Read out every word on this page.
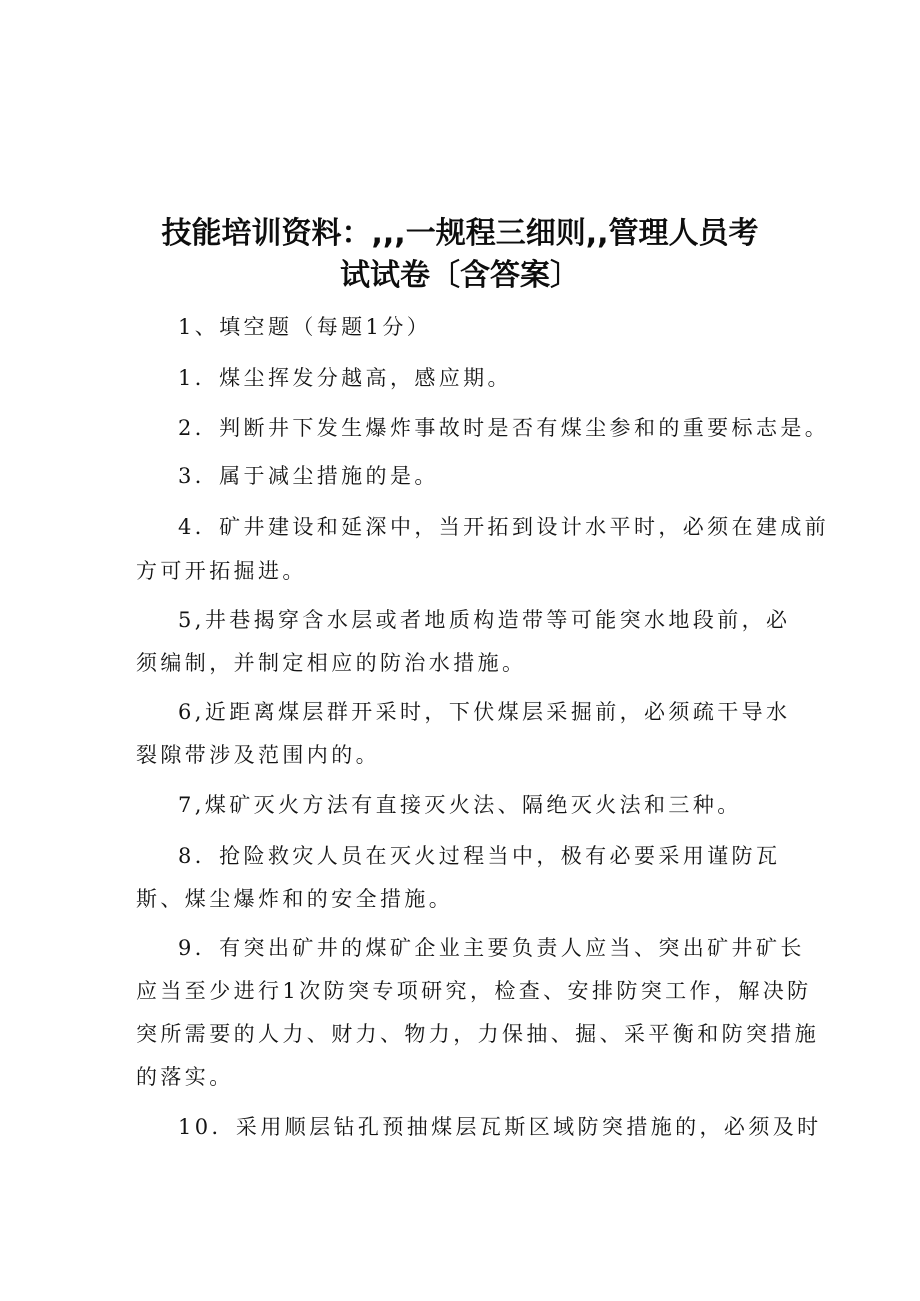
技能培训资料：,,,一规程三细则,,管理人员考
试试卷〔含答案〕
1、填空题（每题1分）
1．煤尘挥发分越高，感应期。
2．判断井下发生爆炸事故时是否有煤尘参和的重要标志是。
3．属于减尘措施的是。
4．矿井建设和延深中，当开拓到设计水平时，必须在建成前
方可开拓掘进。
5,井巷揭穿含水层或者地质构造带等可能突水地段前，必
须编制，并制定相应的防治水措施。
6,近距离煤层群开采时，下伏煤层采掘前，必须疏干导水
裂隙带涉及范围内的。
7,煤矿灭火方法有直接灭火法、隔绝灭火法和三种。
8．抢险救灾人员在灭火过程当中，极有必要采用谨防瓦
斯、煤尘爆炸和的安全措施。
9．有突出矿井的煤矿企业主要负责人应当、突出矿井矿长
应当至少进行1次防突专项研究，检查、安排防突工作，解决防
突所需要的人力、财力、物力，力保抽、掘、采平衡和防突措施
的落实。
10．采用顺层钻孔预抽煤层瓦斯区域防突措施的，必须及时
